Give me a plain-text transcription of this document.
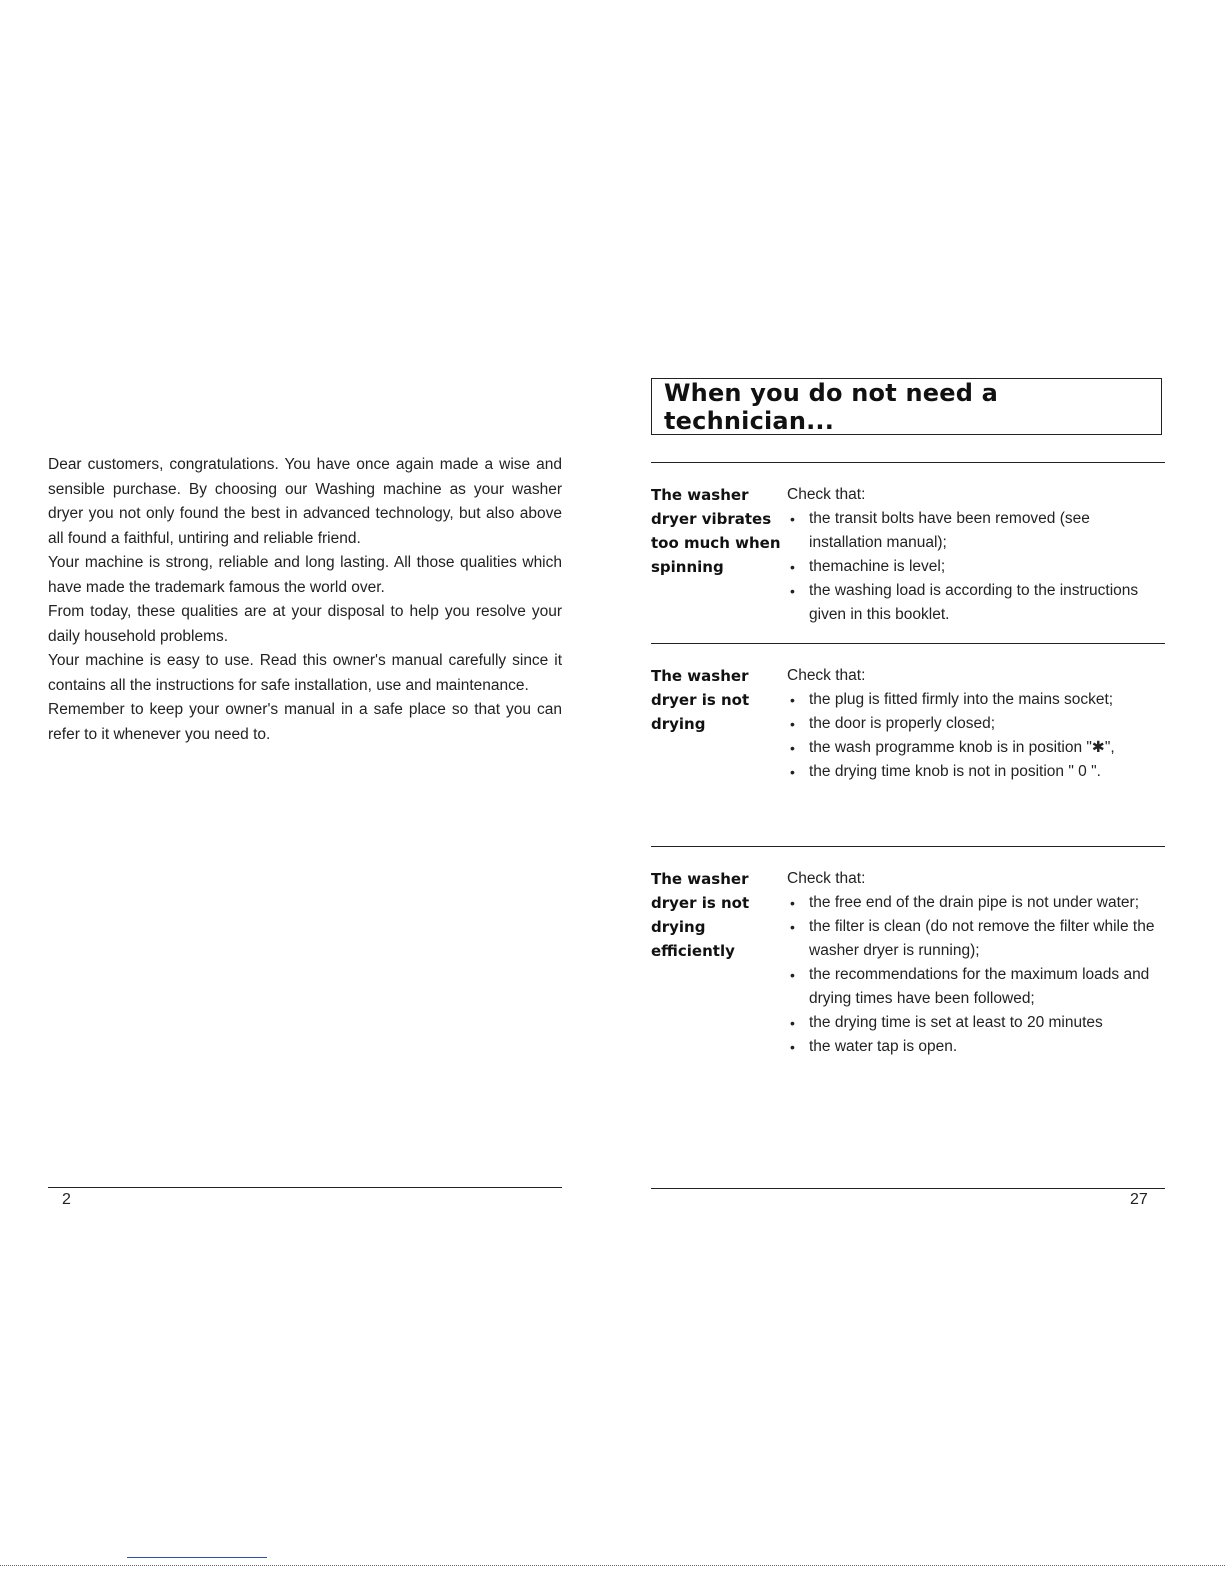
Dear customers, congratulations. You have once again made a wise and sensible purchase. By choosing our Washing machine as your washer dryer you not only found the best in advanced technology, but also above all found a faithful, untiring and reliable friend.

Your machine is strong, reliable and long lasting. All those qualities which have made the trademark famous the world over.

From today, these qualities are at your disposal to help you resolve your daily household problems.

Your machine is easy to use. Read this owner's manual carefully since it contains all the instructions for safe installation, use and maintenance.

Remember to keep your owner's manual in a safe place so that you can refer to it whenever you need to.

2
When you do not need a technician...
The washer
dryer vibrates
too much when
spinning
Check that:
• the transit bolts have been removed (see installation manual);
• themachine is level;
• the washing load is according to the instructions given in this booklet.
The washer
dryer is not
drying
Check that:
• the plug is fitted firmly into the mains socket;
• the door is properly closed;
• the wash programme knob is in position "✱",
• the drying time knob is not in position " 0 ".
The washer
dryer is not
drying
efficiently
Check that:
• the free end of the drain pipe is not under water;
• the filter is clean (do not remove the filter while the washer dryer is running);
• the recommendations for the maximum loads and drying times have been followed;
• the drying time is set at least to 20 minutes
• the water tap is open.
27
